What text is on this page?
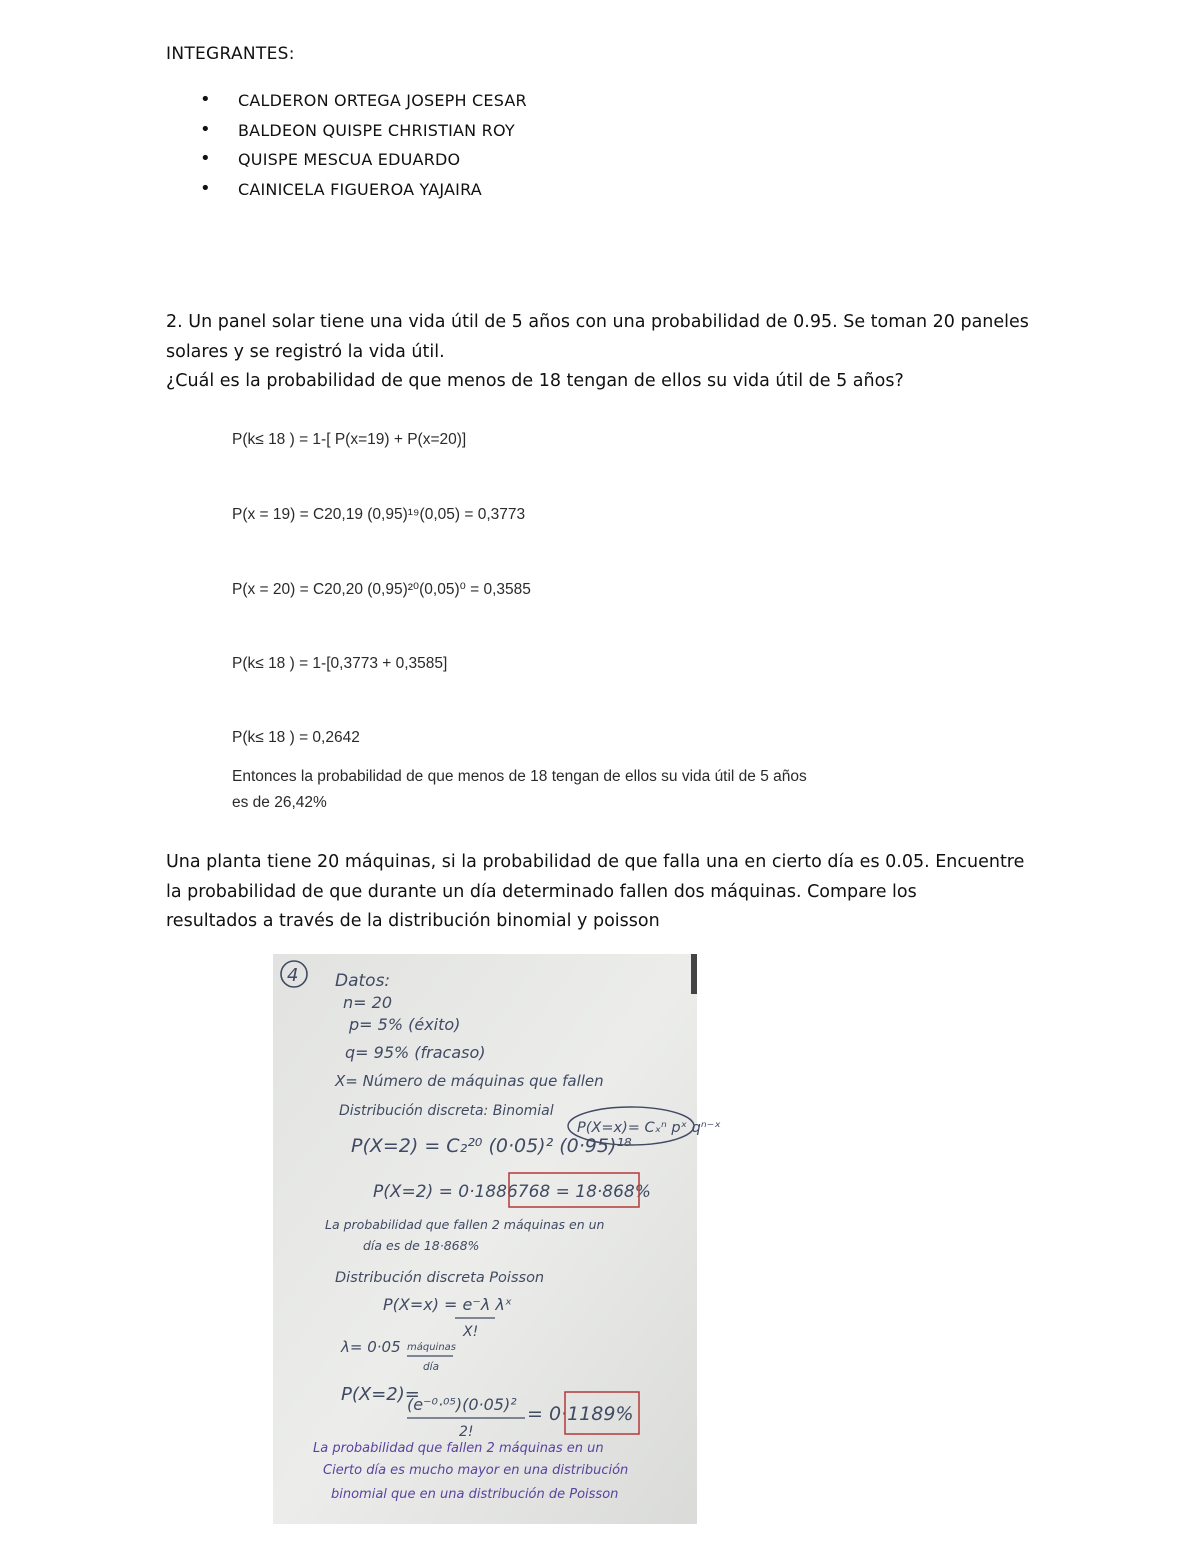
INTEGRANTES:
• CALDERON ORTEGA JOSEPH CESAR
• BALDEON QUISPE CHRISTIAN ROY
• QUISPE MESCUA EDUARDO
• CAINICELA FIGUEROA YAJAIRA
2. Un panel solar tiene una vida útil de 5 años con una probabilidad de 0.95. Se toman 20 paneles
solares y se registró la vida útil.
¿Cuál es la probabilidad de que menos de 18 tengan de ellos su vida útil de 5 años?
P(k≤ 18 ) = 1-[ P(x=19) + P(x=20)]
P(x = 19) = C20,19 (0,95)¹⁹(0,05) = 0,3773
P(x = 20) = C20,20 (0,95)²⁰(0,05)⁰ = 0,3585
P(k≤ 18 ) = 1-[0,3773 + 0,3585]
P(k≤ 18 ) = 0,2642
Entonces la probabilidad de que menos de 18 tengan de ellos su vida útil de 5 años
es de 26,42%
Una planta tiene 20 máquinas, si la probabilidad de que falla una en cierto día es 0.05. Encuentre
la probabilidad de que durante un día determinado fallen dos máquinas. Compare los
resultados a través de la distribución binomial y poisson
4 Datos:
n= 20
p= 5% (éxito)
q= 95% (fracaso)
X= Número de máquinas que fallen
Distribución discreta: Binomial
P(X=x)= Cₓⁿ pˣ qⁿ⁻ˣ
P(X=2) = C₂²⁰ (0·05)² (0·95)¹⁸
P(X=2) = 0·1886768 = 18·868%
La probabilidad que fallen 2 máquinas en un
día es de 18·868%
Distribución discreta Poisson
P(X=x) = e⁻λ λˣ
X!
λ= 0·05 máquinas
día
P(X=2)=
(e⁻⁰·⁰⁵)(0·05)²
2!
= 0·1189%
La probabilidad que fallen 2 máquinas en un
Cierto día es mucho mayor en una distribución
binomial que en una distribución de Poisson
